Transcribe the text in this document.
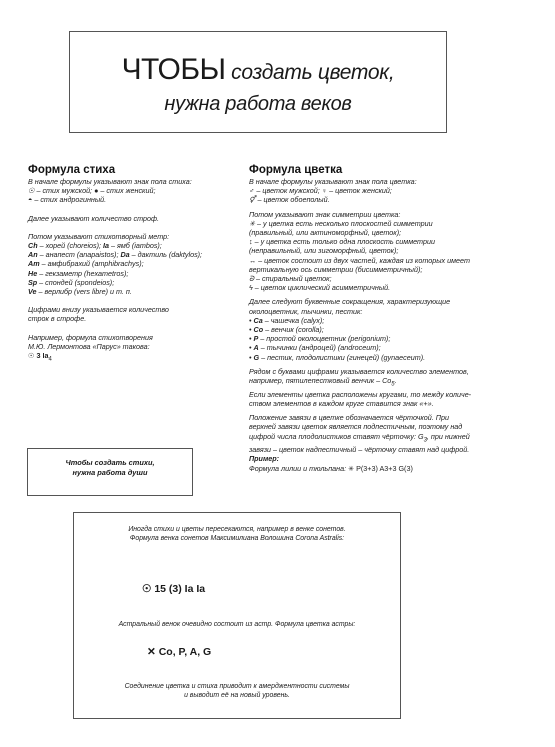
ЧТОБЫ создать цветок,
нужна работа веков
Формула стиха

В начале формулы указывают знак пола стиха:

☉ – стих мужской; ● – стих женский;

◓ – стих андрогинный.

Далее указывают количество строф.

Потом указывают стихотворный метр:

Ch – хорей (choreios); Ia – ямб (iambos);

An – анапест (anapaistos); Da – дактиль (daktylos);

Am – амфибрахий (amphibrachys);

He – гекзаметр (hexametros);

Sp – спондей (spondeios);

Ve – верлибр (vers libre) и т. п.

Цифрами внизу указывается количество

строк в строфе.

Например, формула стихотворения

М.Ю. Лермонтова «Парус» такова:

☉ 3 $Ia_4$

Формула цветка

В начале формулы указывают знак пола цветка:

♂ – цветок мужской; ♀ – цветок женский;

⚥ – цветок обоеполый.

Потом указывают знак симметрии цветка:

✳ – у цветка есть несколько плоскостей симметрии

(правильный, или актиноморфный, цветок);

↕ – у цветка есть только одна плоскость симметрии

(неправильный, или зигоморфный, цветок);

↔ – цветок состоит из двух частей, каждая из которых имеет

вертикальную ось симметрии (бисимметричный);

ᘐ – спиральный цветок;

ϟ – цветок циклический асимметричный.

Далее следуют буквенные сокращения, характеризующие

околоцветник, тычинки, пестик:

• Ca – чашечка (calyx);

• Co – венчик (corolla);

• P – простой околоцветник (perigonium);

• A – тычинки (андроцей) (androceum);

• G – пестик, плодолистики (гинецей) (gynaeceum).

Рядом с буквами цифрами указывается количество элементов,

например, пятилепестковый венчик – $Co_5$.

Если элементы цветка расположены кругами, то между количе-

ством элементов в каждом круге ставится знак «+».

Положение завязи в цветке обозначается чёрточкой. При

верхней завязи цветок является подпестичным, поэтому над

цифрой числа плодолистиков ставят чёрточку: $G_3$, при нижней

завязи – цветок надпестичный – чёрточку ставят над цифрой.

Пример:

Формула лилии и тюльпана: ✳ P(3+3) A3+3 G(3)

Чтобы создать стихи,
нужна работа души
Иногда стихи и цветы пересекаются, например в венке сонетов.
Формула венка сонетов Максимилиана Волошина Corona Astralis:
☉ 15 (3) Ia Ia
Астральный венок очевидно состоит из астр. Формула цветка астры:
✕ Co, P, A, G
Соединение цветка и стиха приводит к амерджентности системы
и выводит её на новый уровень.
